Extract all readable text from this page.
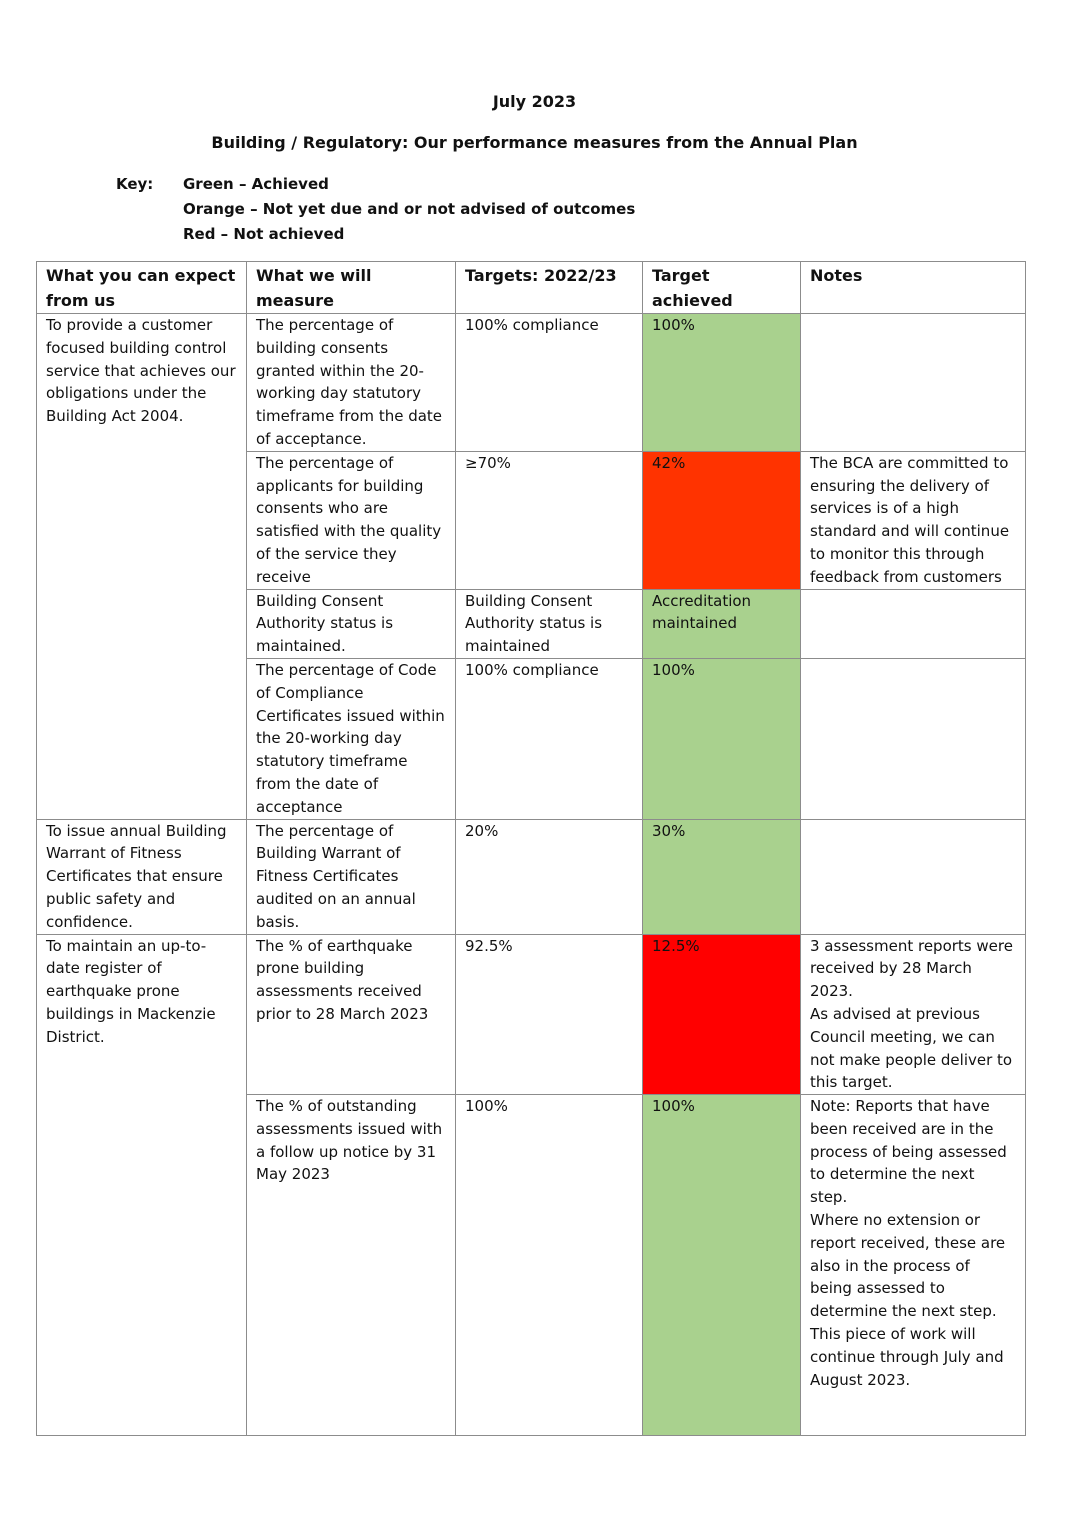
July 2023
Building / Regulatory: Our performance measures from the Annual Plan
Key: Green – Achieved
Orange – Not yet due and or not advised of outcomes
Red – Not achieved
What you can expect from us	What we will measure	Targets: 2022/23	Target achieved	Notes
To provide a customer focused building control service that achieves our obligations under the Building Act 2004.	The percentage of building consents granted within the 20-working day statutory timeframe from the date of acceptance.	100% compliance	100%	
	The percentage of applicants for building consents who are satisfied with the quality of the service they receive	≥70%	42%	The BCA are committed to ensuring the delivery of services is of a high standard and will continue to monitor this through feedback from customers

	Building Consent Authority status is maintained.	Building Consent Authority status is maintained	Accreditation maintained	
	The percentage of Code of Compliance Certificates issued within the 20-working day statutory timeframe from the date of acceptance	100% compliance	100%	
To issue annual Building Warrant of Fitness Certificates that ensure public safety and confidence.	The percentage of Building Warrant of Fitness Certificates audited on an annual basis.	20%	30%	
To maintain an up-to-date register of earthquake prone buildings in Mackenzie District.	The % of earthquake prone building assessments received prior to 28 March 2023	92.5%	12.5%	3 assessment reports were received by 28 March 2023.
As advised at previous Council meeting, we can not make people deliver to this target.

	The % of outstanding assessments issued with a follow up notice by 31 May 2023	100%	100%	Note: Reports that have been received are in the process of being assessed to determine the next step.
Where no extension or report received, these are also in the process of being assessed to determine the next step.
This piece of work will continue through July and August 2023.
